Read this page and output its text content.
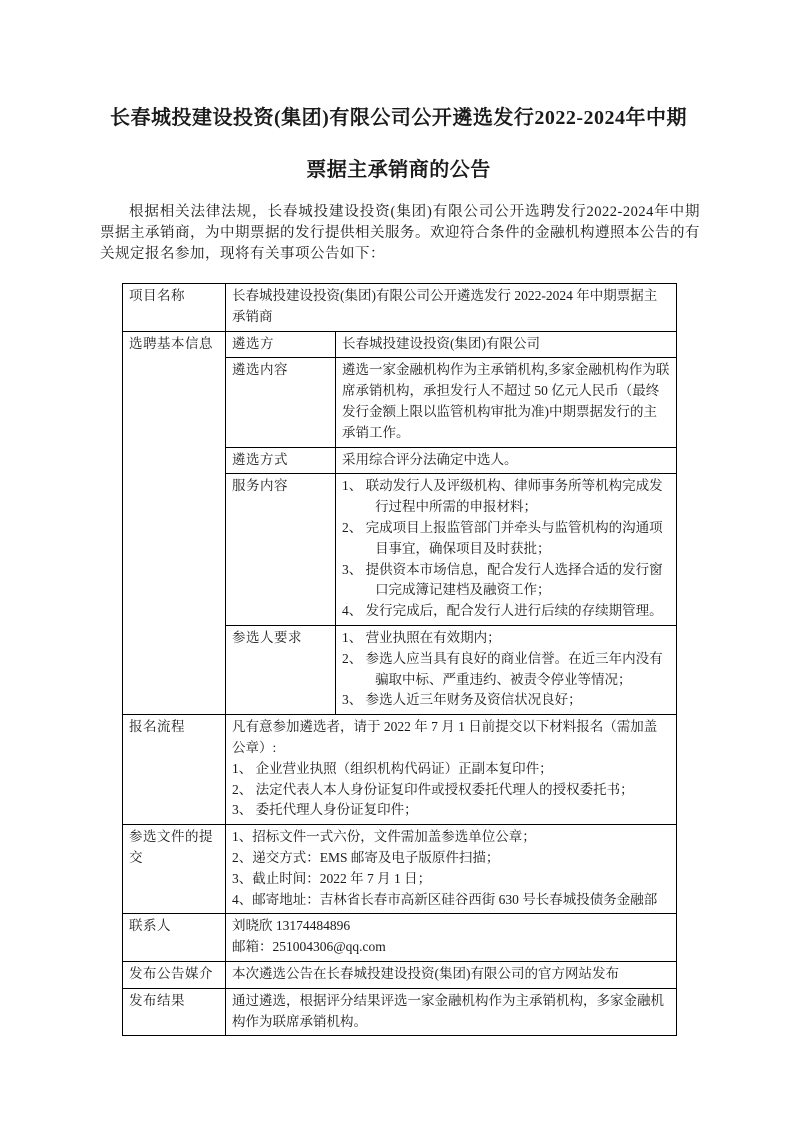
长春城投建设投资(集团)有限公司公开遴选发行2022-2024年中期
票据主承销商的公告
根据相关法律法规，长春城投建设投资(集团)有限公司公开选聘发行2022-2024年中期票据主承销商，为中期票据的发行提供相关服务。欢迎符合条件的金融机构遵照本公告的有关规定报名参加，现将有关事项公告如下：
项目名称	长春城投建设投资(集团)有限公司公开遴选发行 2022-2024 年中期票据主承销商	
选聘基本信息	遴选方	长春城投建设投资(集团)有限公司

	遴选内容	遴选一家金融机构作为主承销机构,多家金融机构作为联席承销机构，承担发行人不超过 50 亿元人民币（最终发行金额上限以监管机构审批为准)中期票据发行的主承销工作。

	遴选方式	采用综合评分法确定中选人。

	服务内容	1、 联动发行人及评级机构、律师事务所等机构完成发行过程中所需的申报材料；
2、 完成项目上报监管部门并牵头与监管机构的沟通项目事宜，确保项目及时获批；
3、 提供资本市场信息，配合发行人选择合适的发行窗口完成簿记建档及融资工作；
4、 发行完成后，配合发行人进行后续的存续期管理。

	参选人要求	1、 营业执照在有效期内；
2、 参选人应当具有良好的商业信誉。在近三年内没有骗取中标、严重违约、被责令停业等情况；
3、 参选人近三年财务及资信状况良好；

报名流程	凡有意参加遴选者，请于 2022 年 7 月 1 日前提交以下材料报名（需加盖公章）:
1、 企业营业执照（组织机构代码证）正副本复印件；
2、 法定代表人本人身份证复印件或授权委托代理人的授权委托书；
3、 委托代理人身份证复印件；	

参选文件的提交	1、招标文件一式六份，文件需加盖参选单位公章；
2、递交方式：EMS 邮寄及电子版原件扫描；
3、截止时间：2022 年 7 月 1 日；
4、邮寄地址：吉林省长春市高新区硅谷西街 630 号长春城投债务金融部	

联系人	刘晓欣 13174484896
邮箱：251004306@qq.com	

发布公告媒介	本次遴选公告在长春城投建设投资(集团)有限公司的官方网站发布	

发布结果	通过遴选，根据评分结果评选一家金融机构作为主承销机构，多家金融机构作为联席承销机构。	
